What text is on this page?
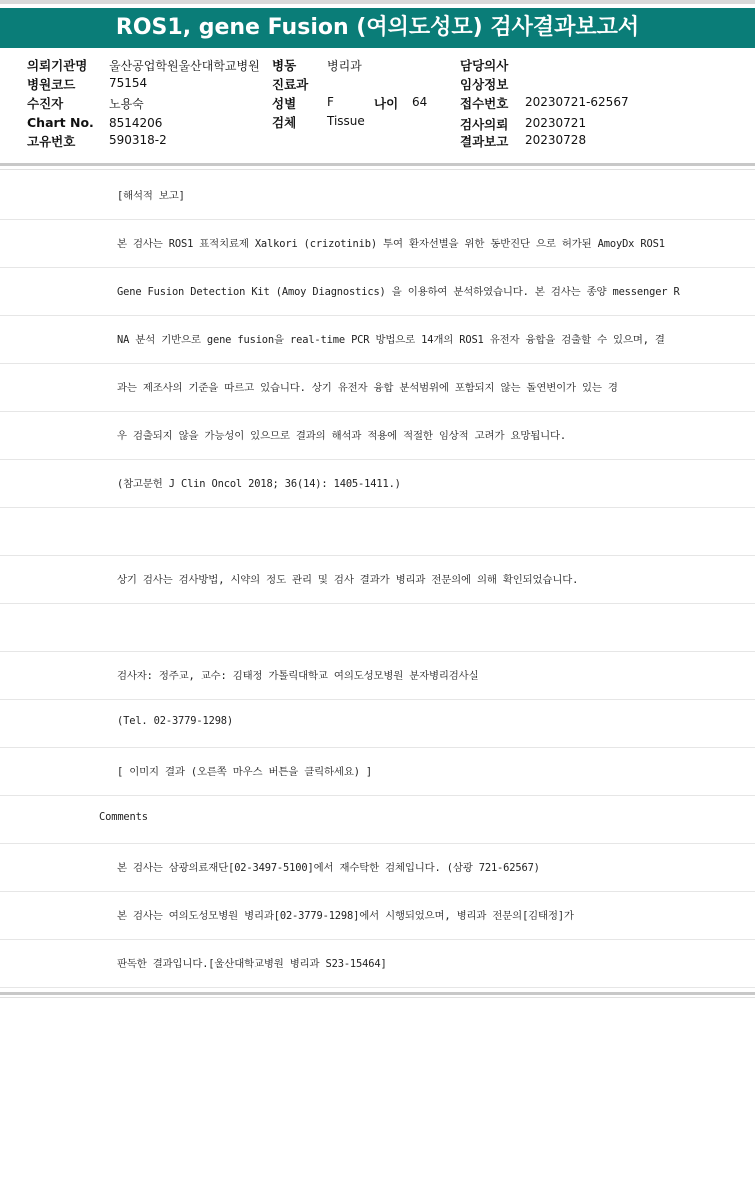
ROS1, gene Fusion (여의도성모) 검사결과보고서
의뢰기관명 울산공업학원울산대학교병원
병원코드	75154
수진자	노용숙
Chart No. 8514206
고유번호	590318-2
병동	병리과
진료과
성별	F	나이 64
검체	Tissue
담당의사
임상정보
접수번호 20230721-62567
검사의뢰 20230721
결과보고 20230728
[해석적 보고]
본 검사는 ROS1 표적치료제 Xalkori (crizotinib) 투여 환자선별을 위한 동반진단 으로 허가된 AmoyDx ROS1
Gene Fusion Detection Kit (Amoy Diagnostics) 을 이용하여 분석하였습니다. 본 검사는 종양 messenger R
NA 분석 기반으로 gene fusion을 real-time PCR 방법으로 14개의 ROS1 유전자 융합을 검출할 수 있으며, 결
과는 제조사의 기준을 따르고 있습니다. 상기 유전자 융합 분석범위에 포함되지 않는 돌연변이가 있는 경
우 검출되지 않을 가능성이 있으므로 결과의 해석과 적용에 적절한 임상적 고려가 요망됩니다.
(참고문헌 J Clin Oncol 2018; 36(14): 1405-1411.)
상기 검사는 검사방법, 시약의 정도 관리 및 검사 결과가 병리과 전문의에 의해 확인되었습니다.
검사자: 정주교, 교수: 김태정 가톨릭대학교 여의도성모병원 분자병리검사실
(Tel. 02-3779-1298)
[ 이미지 결과 (오른쪽 마우스 버튼을 클릭하세요) ]
Comments
본 검사는 삼광의료재단[02-3497-5100]에서 재수탁한 검체입니다. (삼광 721-62567)
본 검사는 여의도성모병원 병리과[02-3779-1298]에서 시행되었으며, 병리과 전문의[김태정]가
판독한 결과입니다.[울산대학교병원 병리과 S23-15464]
